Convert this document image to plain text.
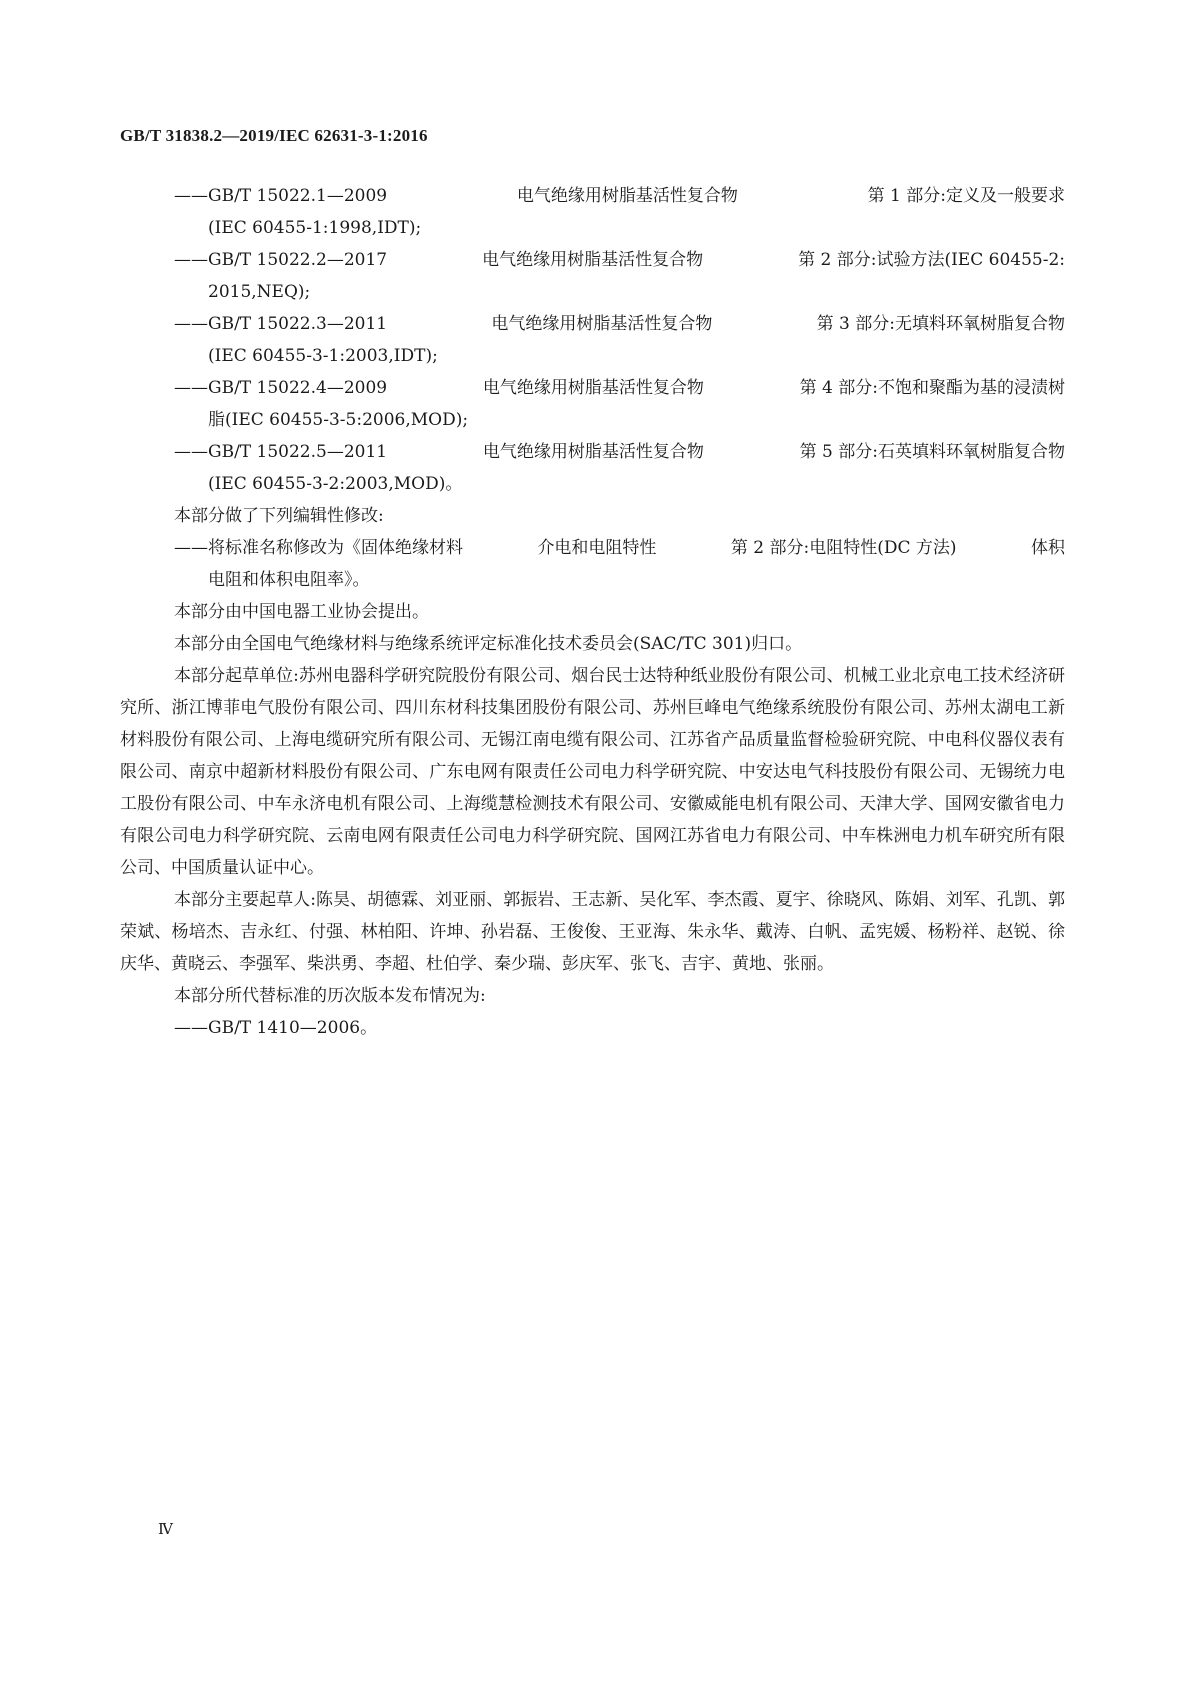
GB/T 31838.2—2019/IEC 62631-3-1:2016
—— GB/T 15022.1—2009	电气绝缘用树脂基活性复合物	第 1 部分:定义及一般要求
(IEC 60455-1:1998,IDT);
—— GB/T 15022.2—2017	电气绝缘用树脂基活性复合物	第 2 部分:试验方法(IEC 60455-2:
2015,NEQ);
—— GB/T 15022.3—2011	电气绝缘用树脂基活性复合物	第 3 部分:无填料环氧树脂复合物
(IEC 60455-3-1:2003,IDT);
—— GB/T 15022.4—2009	电气绝缘用树脂基活性复合物	第 4 部分:不饱和聚酯为基的浸渍树
脂(IEC 60455-3-5:2006,MOD);
—— GB/T 15022.5—2011	电气绝缘用树脂基活性复合物	第 5 部分:石英填料环氧树脂复合物
(IEC 60455-3-2:2003,MOD)。

本部分做了下列编辑性修改:

—— 将标准名称修改为《固体绝缘材料	介电和电阻特性	第 2 部分:电阻特性(DC 方法)	体积
电阻和体积电阻率》。

本部分由中国电器工业协会提出。

本部分由全国电气绝缘材料与绝缘系统评定标准化技术委员会(SAC/TC 301)归口。

本部分起草单位:苏州电器科学研究院股份有限公司、烟台民士达特种纸业股份有限公司、机械工业北京电工技术经济研究所、浙江博菲电气股份有限公司、四川东材科技集团股份有限公司、苏州巨峰电气绝缘系统股份有限公司、苏州太湖电工新材料股份有限公司、上海电缆研究所有限公司、无锡江南电缆有限公司、江苏省产品质量监督检验研究院、中电科仪器仪表有限公司、南京中超新材料股份有限公司、广东电网有限责任公司电力科学研究院、中安达电气科技股份有限公司、无锡统力电工股份有限公司、中车永济电机有限公司、上海缆慧检测技术有限公司、安徽威能电机有限公司、天津大学、国网安徽省电力有限公司电力科学研究院、云南电网有限责任公司电力科学研究院、国网江苏省电力有限公司、中车株洲电力机车研究所有限公司、中国质量认证中心。

本部分主要起草人:陈昊、胡德霖、刘亚丽、郭振岩、王志新、吴化军、李杰霞、夏宇、徐晓风、陈娟、刘军、孔凯、郭荣斌、杨培杰、吉永红、付强、林柏阳、许坤、孙岩磊、王俊俊、王亚海、朱永华、戴涛、白帆、孟宪媛、杨粉祥、赵锐、徐庆华、黄晓云、李强军、柴洪勇、李超、杜伯学、秦少瑞、彭庆军、张飞、吉宇、黄地、张丽。

本部分所代替标准的历次版本发布情况为:

—— GB/T 1410—2006。
Ⅳ
